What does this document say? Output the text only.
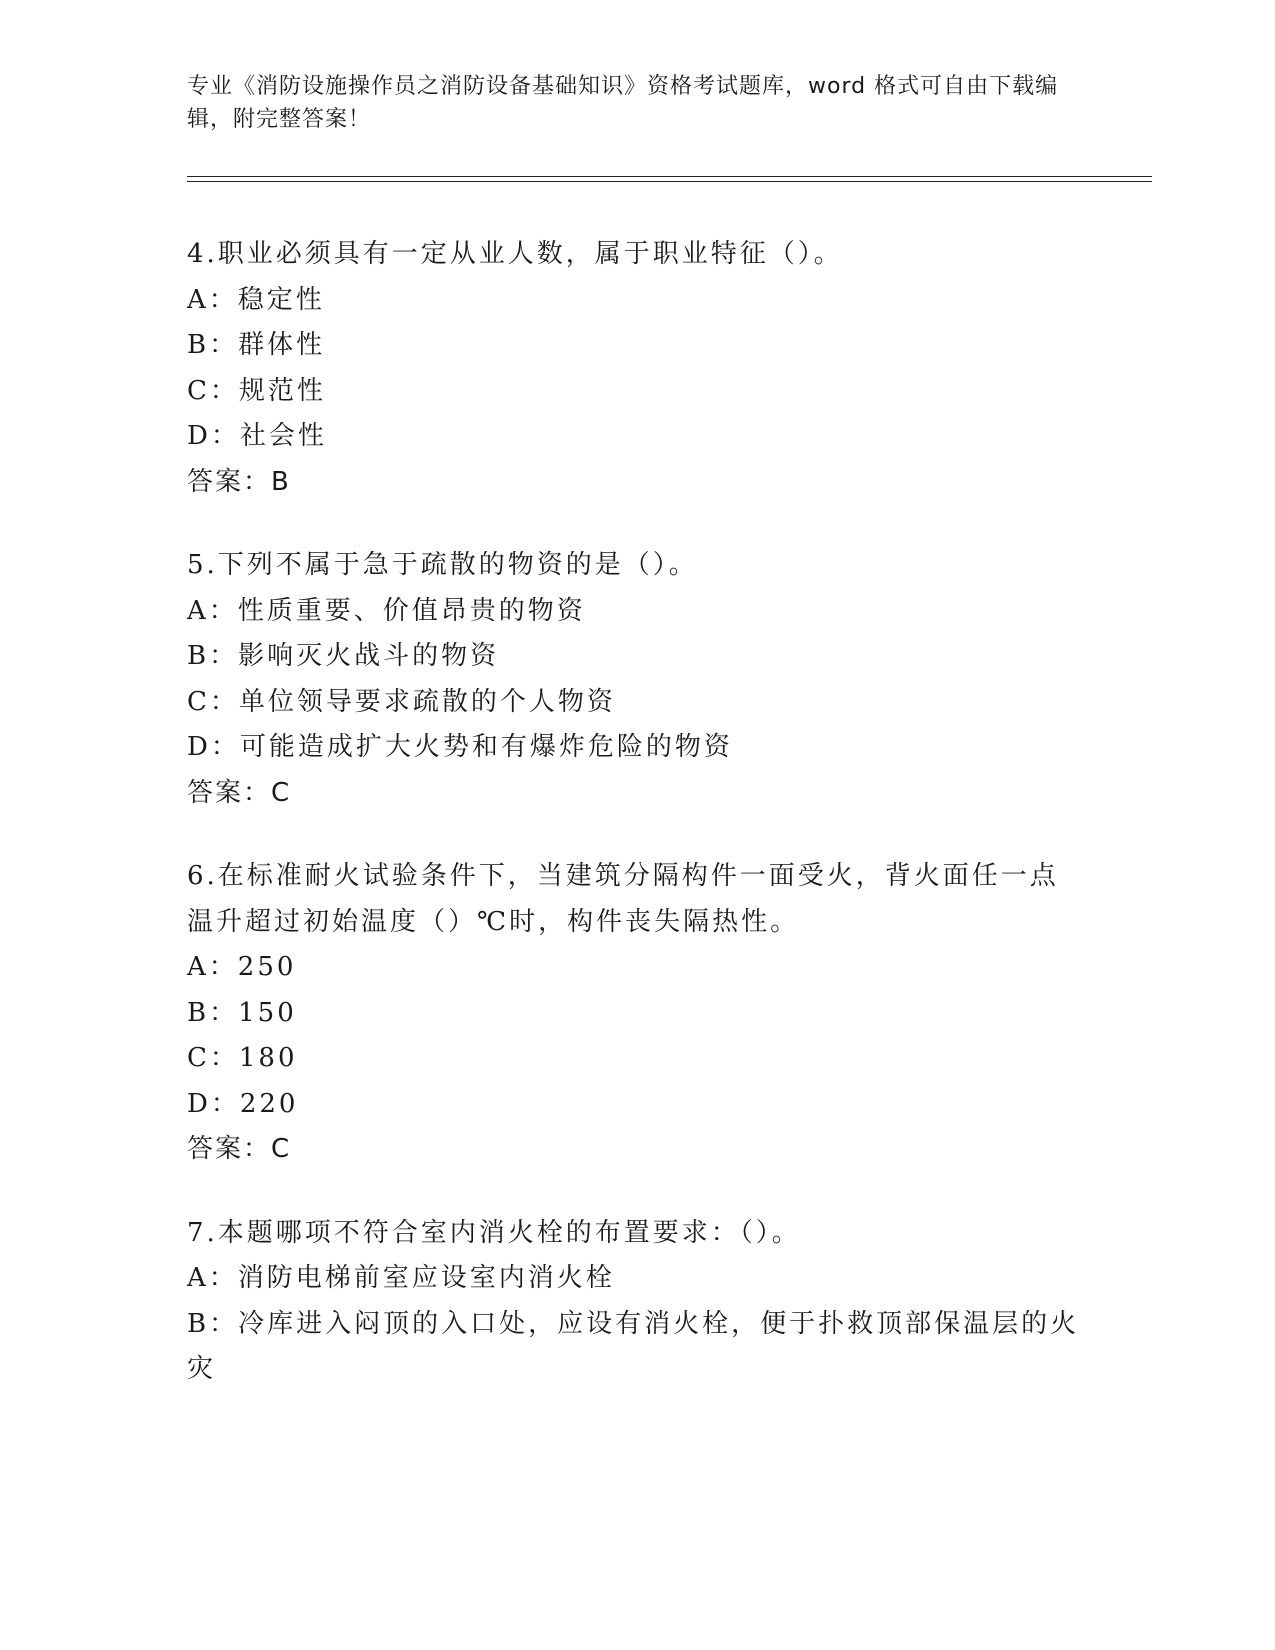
专业《消防设施操作员之消防设备基础知识》资格考试题库，word 格式可自由下载编辑，附完整答案！
4.职业必须具有一定从业人数，属于职业特征（）。
A：稳定性
B：群体性
C：规范性
D：社会性
答案：B
5.下列不属于急于疏散的物资的是（）。
A：性质重要、价值昂贵的物资
B：影响灭火战斗的物资
C：单位领导要求疏散的个人物资
D：可能造成扩大火势和有爆炸危险的物资
答案：C
6.在标准耐火试验条件下，当建筑分隔构件一面受火，背火面任一点
温升超过初始温度（）℃时，构件丧失隔热性。
A：250
B：150
C：180
D：220
答案：C
7.本题哪项不符合室内消火栓的布置要求：（）。
A：消防电梯前室应设室内消火栓
B：冷库进入闷顶的入口处，应设有消火栓，便于扑救顶部保温层的火
灾
